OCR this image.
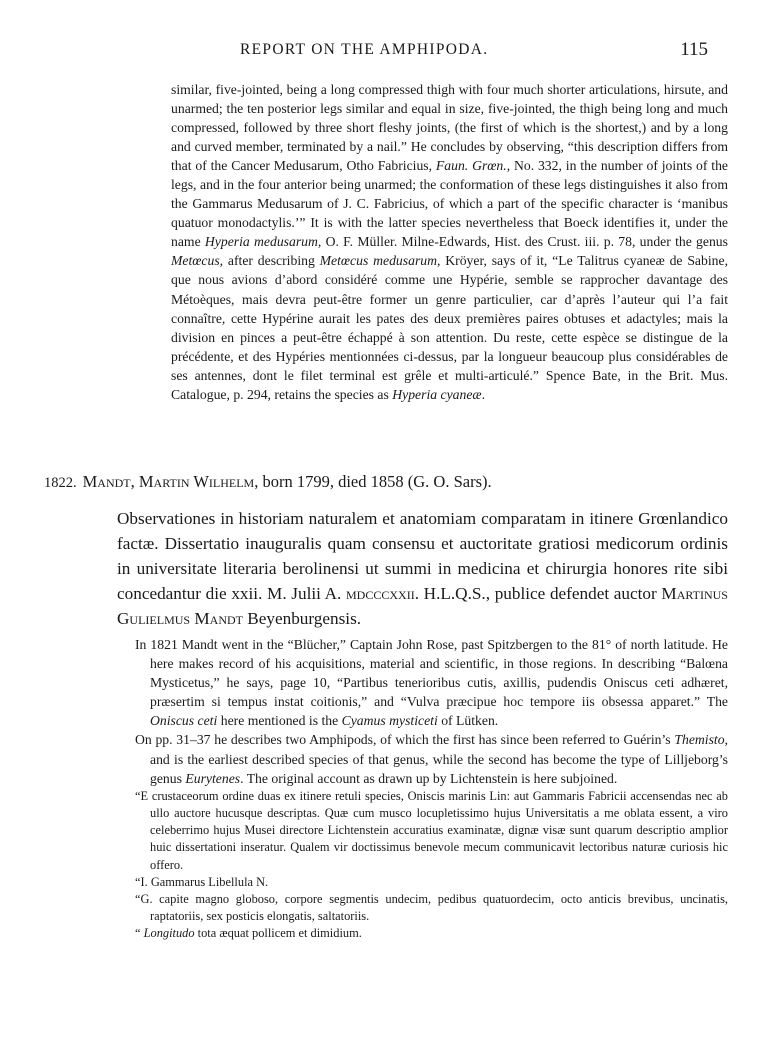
REPORT ON THE AMPHIPODA.	115

similar, five-jointed, being a long compressed thigh with four much shorter articulations, hirsute, and unarmed; the ten posterior legs similar and equal in size, five-jointed, the thigh being long and much compressed, followed by three short fleshy joints, (the first of which is the shortest,) and by a long and curved member, terminated by a nail.” He concludes by observing, “this description differs from that of the Cancer Medusarum, Otho Fabricius, Faun. Grœn., No. 332, in the number of joints of the legs, and in the four anterior being unarmed; the conformation of these legs distinguishes it also from the Gammarus Medusarum of J. C. Fabricius, of which a part of the specific character is ‘manibus quatuor monodactylis.’” It is with the latter species nevertheless that Boeck identifies it, under the name Hyperia medusarum, O. F. Müller. Milne-Edwards, Hist. des Crust. iii. p. 78, under the genus Metœcus, after describing Metœcus medusarum, Kröyer, says of it, “Le Talitrus cyaneæ de Sabine, que nous avions d’abord considéré comme une Hypérie, semble se rapprocher davantage des Métoèques, mais devra peut-être former un genre particulier, car d’après l’auteur qui l’a fait connaître, cette Hypérine aurait les pates des deux premières paires obtuses et adactyles; mais la division en pinces a peut-être échappé à son attention. Du reste, cette espèce se distingue de la précédente, et des Hypéries mentionnées ci-dessus, par la longueur beaucoup plus considérables de ses antennes, dont le filet terminal est grêle et multi-articulé.” Spence Bate, in the Brit. Mus. Catalogue, p. 294, retains the species as Hyperia cyaneæ.

1822. Mandt, Martin Wilhelm, born 1799, died 1858 (G. O. Sars).

Observationes in historiam naturalem et anatomiam comparatam in itinere Grœnlandico factæ. Dissertatio inauguralis quam consensu et auctoritate gratiosi medicorum ordinis in universitate literaria berolinensi ut summi in medicina et chirurgia honores rite sibi concedantur die xxii. M. Julii A. mdcccxxii. H.L.Q.S., publice defendet auctor Martinus Gulielmus Mandt Beyenburgensis.

In 1821 Mandt went in the “Blücher,” Captain John Rose, past Spitzbergen to the 81° of north latitude. He here makes record of his acquisitions, material and scientific, in those regions. In describing “Balœna Mysticetus,” he says, page 10, “Partibus tenerioribus cutis, axillis, pudendis Oniscus ceti adhæret, præsertim si tempus instat coitionis,” and “Vulva præcipue hoc tempore iis obsessa apparet.” The Oniscus ceti here mentioned is the Cyamus mysticeti of Lütken.

On pp. 31–37 he describes two Amphipods, of which the first has since been referred to Guérin’s Themisto, and is the earliest described species of that genus, while the second has become the type of Lilljeborg’s genus Eurytenes. The original account as drawn up by Lichtenstein is here subjoined.

“E crustaceorum ordine duas ex itinere retuli species, Oniscis marinis Lin: aut Gammaris Fabricii accensendas nec ab ullo auctore hucusque descriptas. Quæ cum musco locupletissimo hujus Universitatis a me oblata essent, a viro celeberrimo hujus Musei directore Lichtenstein accuratius examinatæ, dignæ visæ sunt quarum descriptio amplior huic dissertationi inseratur. Qualem vir doctissimus benevole mecum communicavit lectoribus naturæ curiosis hic offero.

“I. Gammarus Libellula N.

“G. capite magno globoso, corpore segmentis undecim, pedibus quatuordecim, octo anticis brevibus, uncinatis, raptatoriis, sex posticis elongatis, saltatoriis.

“ Longitudo tota æquat pollicem et dimidium.
